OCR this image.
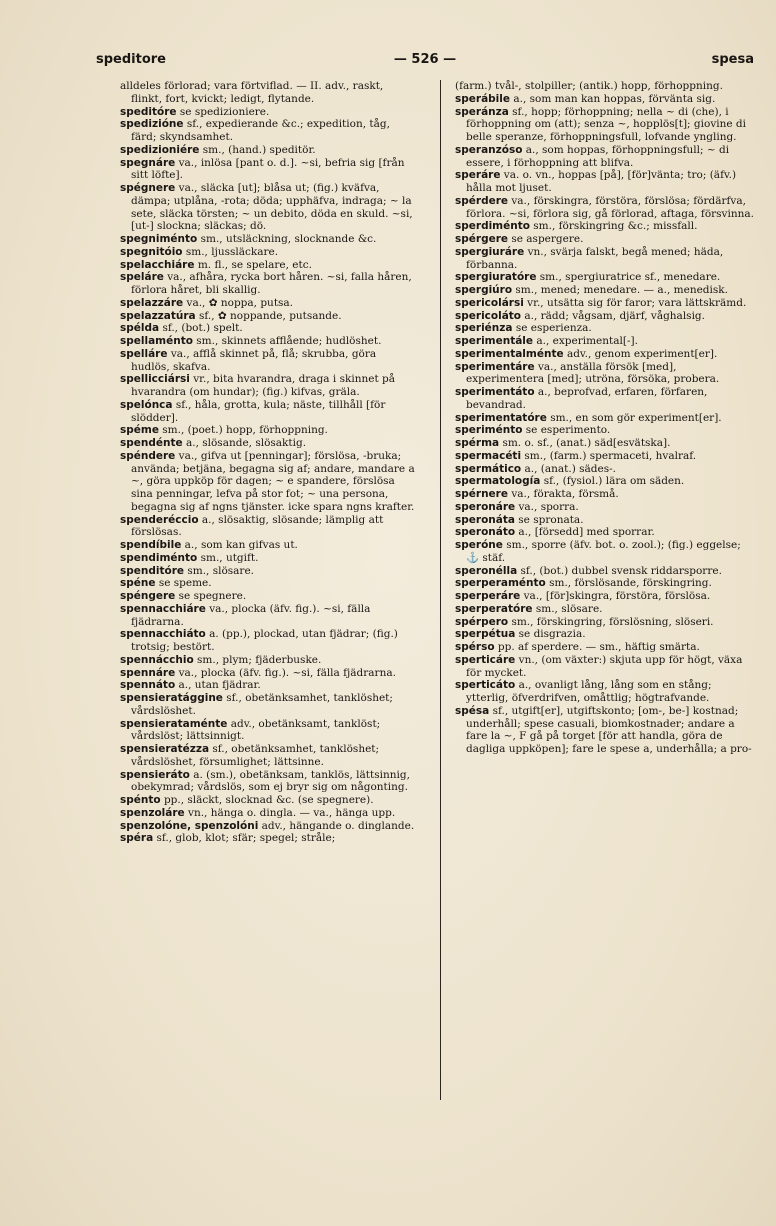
speditore	— 526 —	spesa

alldeles förlorad; vara förtviflad. — II. adv., raskt, flinkt, fort, kvickt; ledigt, flytande.

speditóre se spedizioniere.

spedizióne sf., expedierande &c.; expedition, tåg, färd; skyndsamhet.

spedizioniére sm., (hand.) speditör.

spegnáre va., inlösa [pant o. d.]. ~si, befria sig [från sitt löfte].

spégnere va., släcka [ut]; blåsa ut; (fig.) kväfva, dämpa; utplåna, -rota; döda; upphäfva, indraga; ~ la sete, släcka törsten; ~ un debito, döda en skuld. ~si, [ut-] slockna; släckas; dö.

spegniménto sm., utsläckning, slocknande &c.

spegnitóio sm., ljussläckare.

spelacchiáre m. fl., se spelare, etc.

speláre va., afhåra, rycka bort håren. ~si, falla håren, förlora håret, bli skallig.

spelazzáre va., ✿ noppa, putsa.

spelazzatúra sf., ✿ noppande, putsande.

spélda sf., (bot.) spelt.

spellaménto sm., skinnets afflående; hudlöshet.

spelláre va., afflå skinnet på, flå; skrubba, göra hudlös, skafva.

spellicciársi vr., bita hvarandra, draga i skinnet på hvarandra (om hundar); (fig.) kifvas, gräla.

spelónca sf., håla, grotta, kula; näste, tillhåll [för slödder].

spéme sm., (poet.) hopp, förhoppning.

spendénte a., slösande, slösaktig.

spéndere va., gifva ut [penningar]; förslösa, -bruka; använda; betjäna, begagna sig af; andare, mandare a ~, göra uppköp för dagen; ~ e spandere, förslösa sina penningar, lefva på stor fot; ~ una persona, begagna sig af ngns tjänster. icke spara ngns krafter.

spenderéccio a., slösaktig, slösande; lämplig att förslösas.

spendíbile a., som kan gifvas ut.

spendiménto sm., utgift.

spenditóre sm., slösare.

spéne se speme.

spéngere se spegnere.

spennacchiáre va., plocka (äfv. fig.). ~si, fälla fjädrarna.

spennacchiáto a. (pp.), plockad, utan fjädrar; (fig.) trotsig; bestört.

spennácchio sm., plym; fjäderbuske.

spennáre va., plocka (äfv. fig.). ~si, fälla fjädrarna.

spennáto a., utan fjädrar.

spensieratággine sf., obetänksamhet, tanklöshet; vårdslöshet.

spensierataménte adv., obetänksamt, tanklöst; vårdslöst; lättsinnigt.

spensieratézza sf., obetänksamhet, tanklöshet; vårdslöshet, försumlighet; lättsinne.

spensieráto a. (sm.), obetänksam, tanklös, lättsinnig, obekymrad; vårdslös, som ej bryr sig om någonting.

spénto pp., släckt, slocknad &c. (se spegnere).

spenzoláre vn., hänga o. dingla. — va., hänga upp.

spenzolóne, spenzolóni adv., hängande o. dinglande.

spéra sf., glob, klot; sfär; spegel; stråle;

(farm.) tvål-, stolpiller; (antik.) hopp, förhoppning.

sperábile a., som man kan hoppas, förvänta sig.

speránza sf., hopp; förhoppning; nella ~ di (che), i förhoppning om (att); senza ~, hopplös[t]; giovine di belle speranze, förhoppningsfull, lofvande yngling.

speranzóso a., som hoppas, förhoppningsfull; ~ di essere, i förhoppning att blifva.

speráre va. o. vn., hoppas [på], [för]vänta; tro; (äfv.) hålla mot ljuset.

spérdere va., förskingra, förstöra, förslösa; fördärfva, förlora. ~si, förlora sig, gå förlorad, aftaga, försvinna.

sperdiménto sm., förskingring &c.; missfall.

spérgere se aspergere.

spergiuráre vn., svärja falskt, begå mened; häda, förbanna.

spergiuratóre sm., spergiuratrice sf., menedare.

spergiúro sm., mened; menedare. — a., menedisk.

spericolársi vr., utsätta sig för faror; vara lättskrämd.

spericoláto a., rädd; vågsam, djärf, våghalsig.

speriénza se esperienza.

sperimentále a., experimental[-].

sperimentalménte adv., genom experiment[er].

sperimentáre va., anställa försök [med], experimentera [med]; utröna, försöka, probera.

sperimentáto a., beprofvad, erfaren, förfaren, bevandrad.

sperimentatóre sm., en som gör experiment[er].

speriménto se esperimento.

spérma sm. o. sf., (anat.) säd[esvätska].

spermacéti sm., (farm.) spermaceti, hvalraf.

spermático a., (anat.) sädes-.

spermatología sf., (fysiol.) lära om säden.

spérnere va., förakta, försmå.

speronáre va., sporra.

speronáta se spronata.

speronáto a., [försedd] med sporrar.

speróne sm., sporre (äfv. bot. o. zool.); (fig.) eggelse; ⚓ stäf.

speronélla sf., (bot.) dubbel svensk riddarsporre.

sperperaménto sm., förslösande, förskingring.

sperperáre va., [för]skingra, förstöra, förslösa.

sperperatóre sm., slösare.

spérpero sm., förskingring, förslösning, slöseri.

sperpétua se disgrazia.

spérso pp. af sperdere. — sm., häftig smärta.

sperticáre vn., (om växter:) skjuta upp för högt, växa för mycket.

sperticáto a., ovanligt lång, lång som en stång; ytterlig, öfverdrifven, omåttlig; högtrafvande.

spésa sf., utgift[er], utgiftskonto; [om-, be-] kostnad; underhåll; spese casuali, biomkostnader; andare a fare la ~, F gå på torget [för att handla, göra de dagliga uppköpen]; fare le spese a, underhålla; a pro-
